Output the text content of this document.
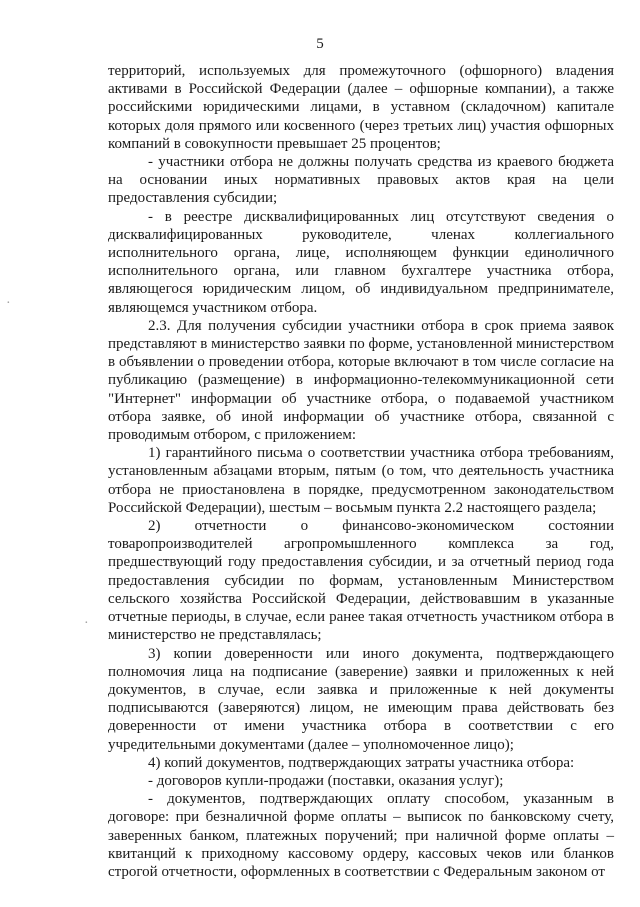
5
·
·

территорий, используемых для промежуточного (офшорного) владения активами в Российской Федерации (далее – офшорные компании), а также российскими юридическими лицами, в уставном (складочном) капитале которых доля прямого или косвенного (через третьих лиц) участия офшорных компаний в совокупности превышает 25 процентов;

- участники отбора не должны получать средства из краевого бюджета на основании иных нормативных правовых актов края на цели предоставления субсидии;

- в реестре дисквалифицированных лиц отсутствуют сведения о дисквалифицированных руководителе, членах коллегиального исполнительного органа, лице, исполняющем функции единоличного исполнительного органа, или главном бухгалтере участника отбора, являющегося юридическим лицом, об индивидуальном предпринимателе, являющемся участником отбора.

2.3. Для получения субсидии участники отбора в срок приема заявок представляют в министерство заявки по форме, установленной министерством в объявлении о проведении отбора, которые включают в том числе согласие на публикацию (размещение) в информационно-телекоммуникационной сети "Интернет" информации об участнике отбора, о подаваемой участником отбора заявке, об иной информации об участнике отбора, связанной с проводимым отбором, с приложением:

1) гарантийного письма о соответствии участника отбора требованиям, установленным абзацами вторым, пятым (о том, что деятельность участника отбора не приостановлена в порядке, предусмотренном законодательством Российской Федерации), шестым – восьмым пункта 2.2 настоящего раздела;

2) отчетности о финансово-экономическом состоянии товаропроизводителей агропромышленного комплекса за год, предшествующий году предоставления субсидии, и за отчетный период года предоставления субсидии по формам, установленным Министерством сельского хозяйства Российской Федерации, действовавшим в указанные отчетные периоды, в случае, если ранее такая отчетность участником отбора в министерство не представлялась;

3) копии доверенности или иного документа, подтверждающего полномочия лица на подписание (заверение) заявки и приложенных к ней документов, в случае, если заявка и приложенные к ней документы подписываются (заверяются) лицом, не имеющим права действовать без доверенности от имени участника отбора в соответствии с его учредительными документами (далее – уполномоченное лицо);

4) копий документов, подтверждающих затраты участника отбора:

- договоров купли-продажи (поставки, оказания услуг);

- документов, подтверждающих оплату способом, указанным в договоре: при безналичной форме оплаты – выписок по банковскому счету, заверенных банком, платежных поручений; при наличной форме оплаты – квитанций к приходному кассовому ордеру, кассовых чеков или бланков строгой отчетности, оформленных в соответствии с Федеральным законом от
